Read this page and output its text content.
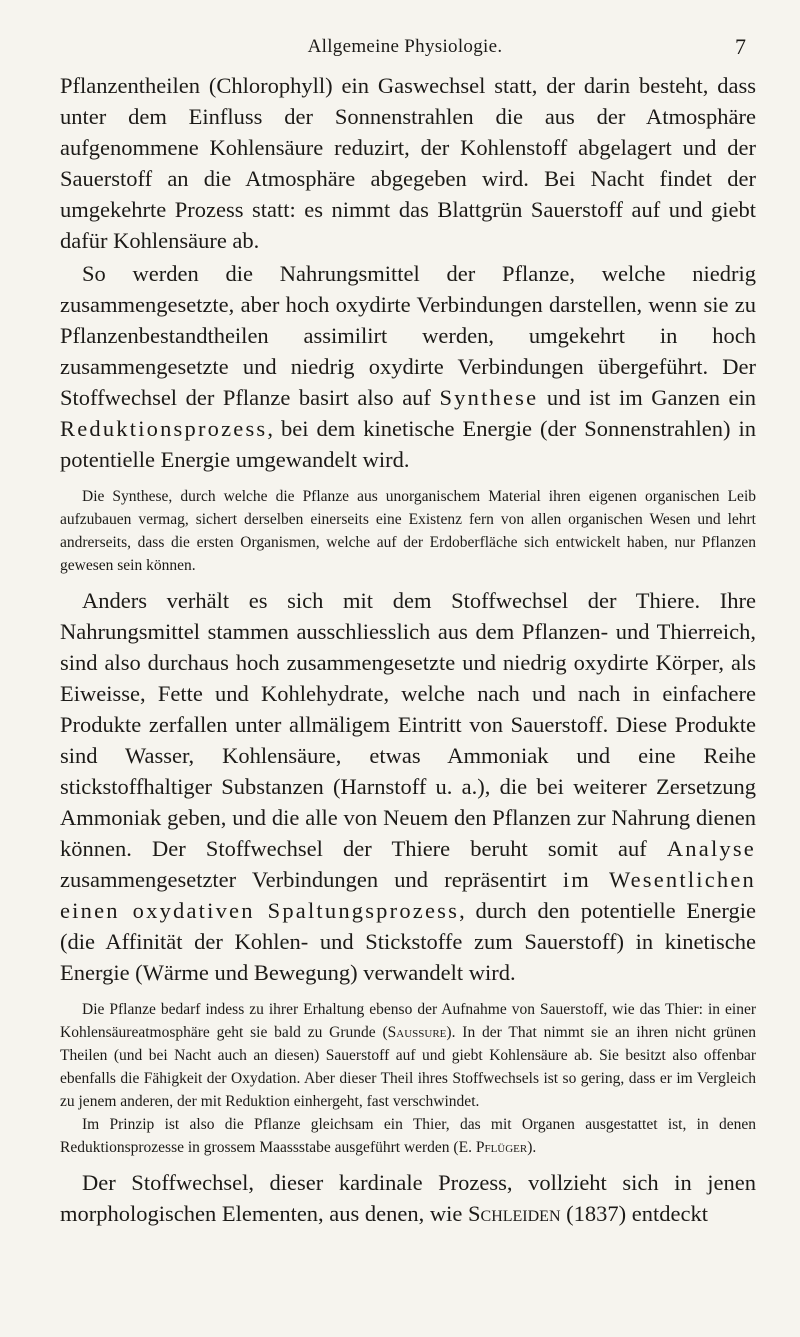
Allgemeine Physiologie.	7

Pflanzentheilen (Chlorophyll) ein Gaswechsel statt, der darin besteht, dass unter dem Einfluss der Sonnenstrahlen die aus der Atmosphäre aufgenommene Kohlensäure reduzirt, der Kohlenstoff abgelagert und der Sauerstoff an die Atmosphäre abgegeben wird. Bei Nacht findet der umgekehrte Prozess statt: es nimmt das Blattgrün Sauerstoff auf und giebt dafür Kohlensäure ab.

So werden die Nahrungsmittel der Pflanze, welche niedrig zusammengesetzte, aber hoch oxydirte Verbindungen darstellen, wenn sie zu Pflanzenbestandtheilen assimilirt werden, umgekehrt in hoch zusammengesetzte und niedrig oxydirte Verbindungen übergeführt. Der Stoffwechsel der Pflanze basirt also auf Synthese und ist im Ganzen ein Reduktionsprozess, bei dem kinetische Energie (der Sonnenstrahlen) in potentielle Energie umgewandelt wird.

Die Synthese, durch welche die Pflanze aus unorganischem Material ihren eigenen organischen Leib aufzubauen vermag, sichert derselben einerseits eine Existenz fern von allen organischen Wesen und lehrt andrerseits, dass die ersten Organismen, welche auf der Erdoberfläche sich entwickelt haben, nur Pflanzen gewesen sein können.

Anders verhält es sich mit dem Stoffwechsel der Thiere. Ihre Nahrungsmittel stammen ausschliesslich aus dem Pflanzen- und Thierreich, sind also durchaus hoch zusammengesetzte und niedrig oxydirte Körper, als Eiweisse, Fette und Kohlehydrate, welche nach und nach in einfachere Produkte zerfallen unter allmäligem Eintritt von Sauerstoff. Diese Produkte sind Wasser, Kohlensäure, etwas Ammoniak und eine Reihe stickstoffhaltiger Substanzen (Harnstoff u. a.), die bei weiterer Zersetzung Ammoniak geben, und die alle von Neuem den Pflanzen zur Nahrung dienen können. Der Stoffwechsel der Thiere beruht somit auf Analyse zusammengesetzter Verbindungen und repräsentirt im Wesentlichen einen oxydativen Spaltungsprozess, durch den potentielle Energie (die Affinität der Kohlen- und Stickstoffe zum Sauerstoff) in kinetische Energie (Wärme und Bewegung) verwandelt wird.

Die Pflanze bedarf indess zu ihrer Erhaltung ebenso der Aufnahme von Sauerstoff, wie das Thier: in einer Kohlensäureatmosphäre geht sie bald zu Grunde (Saussure). In der That nimmt sie an ihren nicht grünen Theilen (und bei Nacht auch an diesen) Sauerstoff auf und giebt Kohlensäure ab. Sie besitzt also offenbar ebenfalls die Fähigkeit der Oxydation. Aber dieser Theil ihres Stoffwechsels ist so gering, dass er im Vergleich zu jenem anderen, der mit Reduktion einhergeht, fast verschwindet.

Im Prinzip ist also die Pflanze gleichsam ein Thier, das mit Organen ausgestattet ist, in denen Reduktionsprozesse in grossem Maassstabe ausgeführt werden (E. Pflüger).

Der Stoffwechsel, dieser kardinale Prozess, vollzieht sich in jenen morphologischen Elementen, aus denen, wie Schleiden (1837) entdeckt
